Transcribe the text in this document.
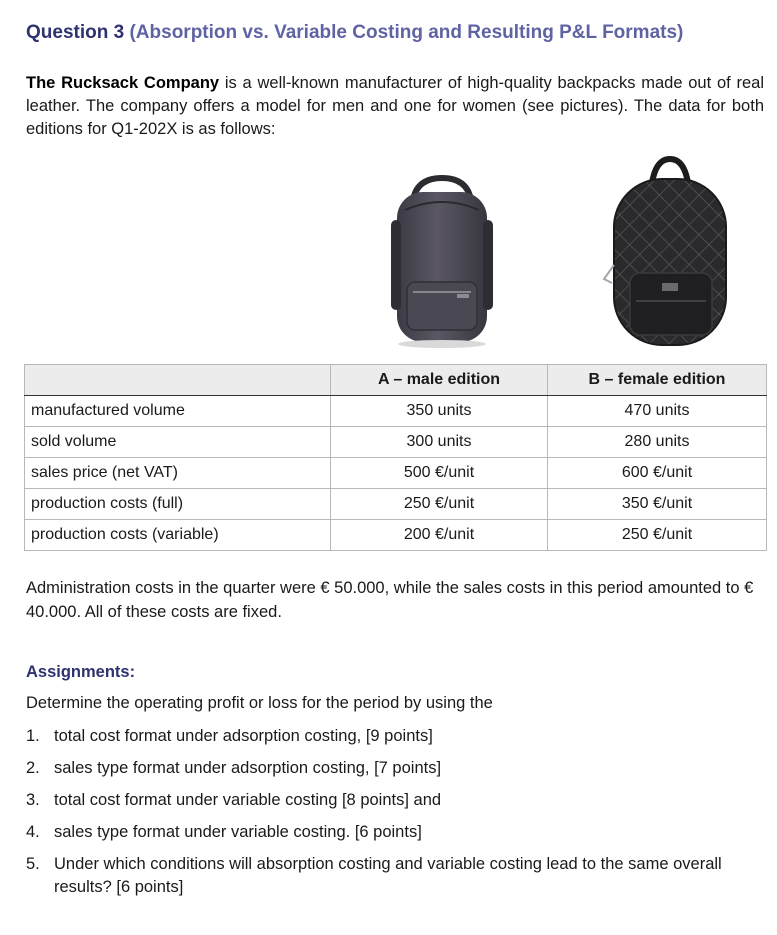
Question 3 (Absorption vs. Variable Costing and Resulting P&L Formats)
The Rucksack Company is a well-known manufacturer of high-quality backpacks made out of real leather. The company offers a model for men and one for women (see pictures). The data for both editions for Q1-202X is as follows:
	A – male edition	B – female edition
manufactured volume	350 units	470 units
sold volume	300 units	280 units
sales price (net VAT)	500 €/unit	600 €/unit
production costs (full)	250 €/unit	350 €/unit
production costs (variable)	200 €/unit	250 €/unit
Administration costs in the quarter were € 50.000, while the sales costs in this period amounted to € 40.000. All of these costs are fixed.
Assignments:
Determine the operating profit or loss for the period by using the
1. total cost format under adsorption costing, [9 points]
2. sales type format under adsorption costing, [7 points]
3. total cost format under variable costing [8 points] and
4. sales type format under variable costing. [6 points]
5. Under which conditions will absorption costing and variable costing lead to the same overall results? [6 points]
